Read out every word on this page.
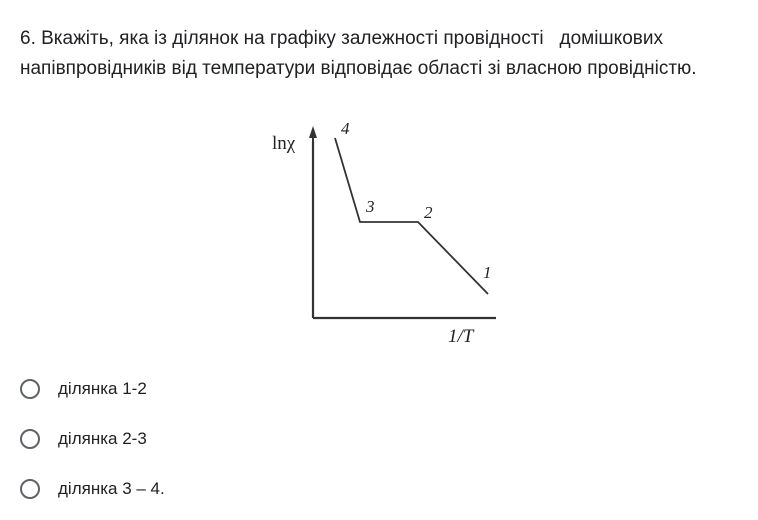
6. Вкажіть, яка із ділянок на графіку залежності провідності   домішкових
напівпровідників від температури відповідає області зі власною провідністю.
lnχ
1/T
4
3	2
1
ділянка 1-2
ділянка 2-3
ділянка 3 – 4.
